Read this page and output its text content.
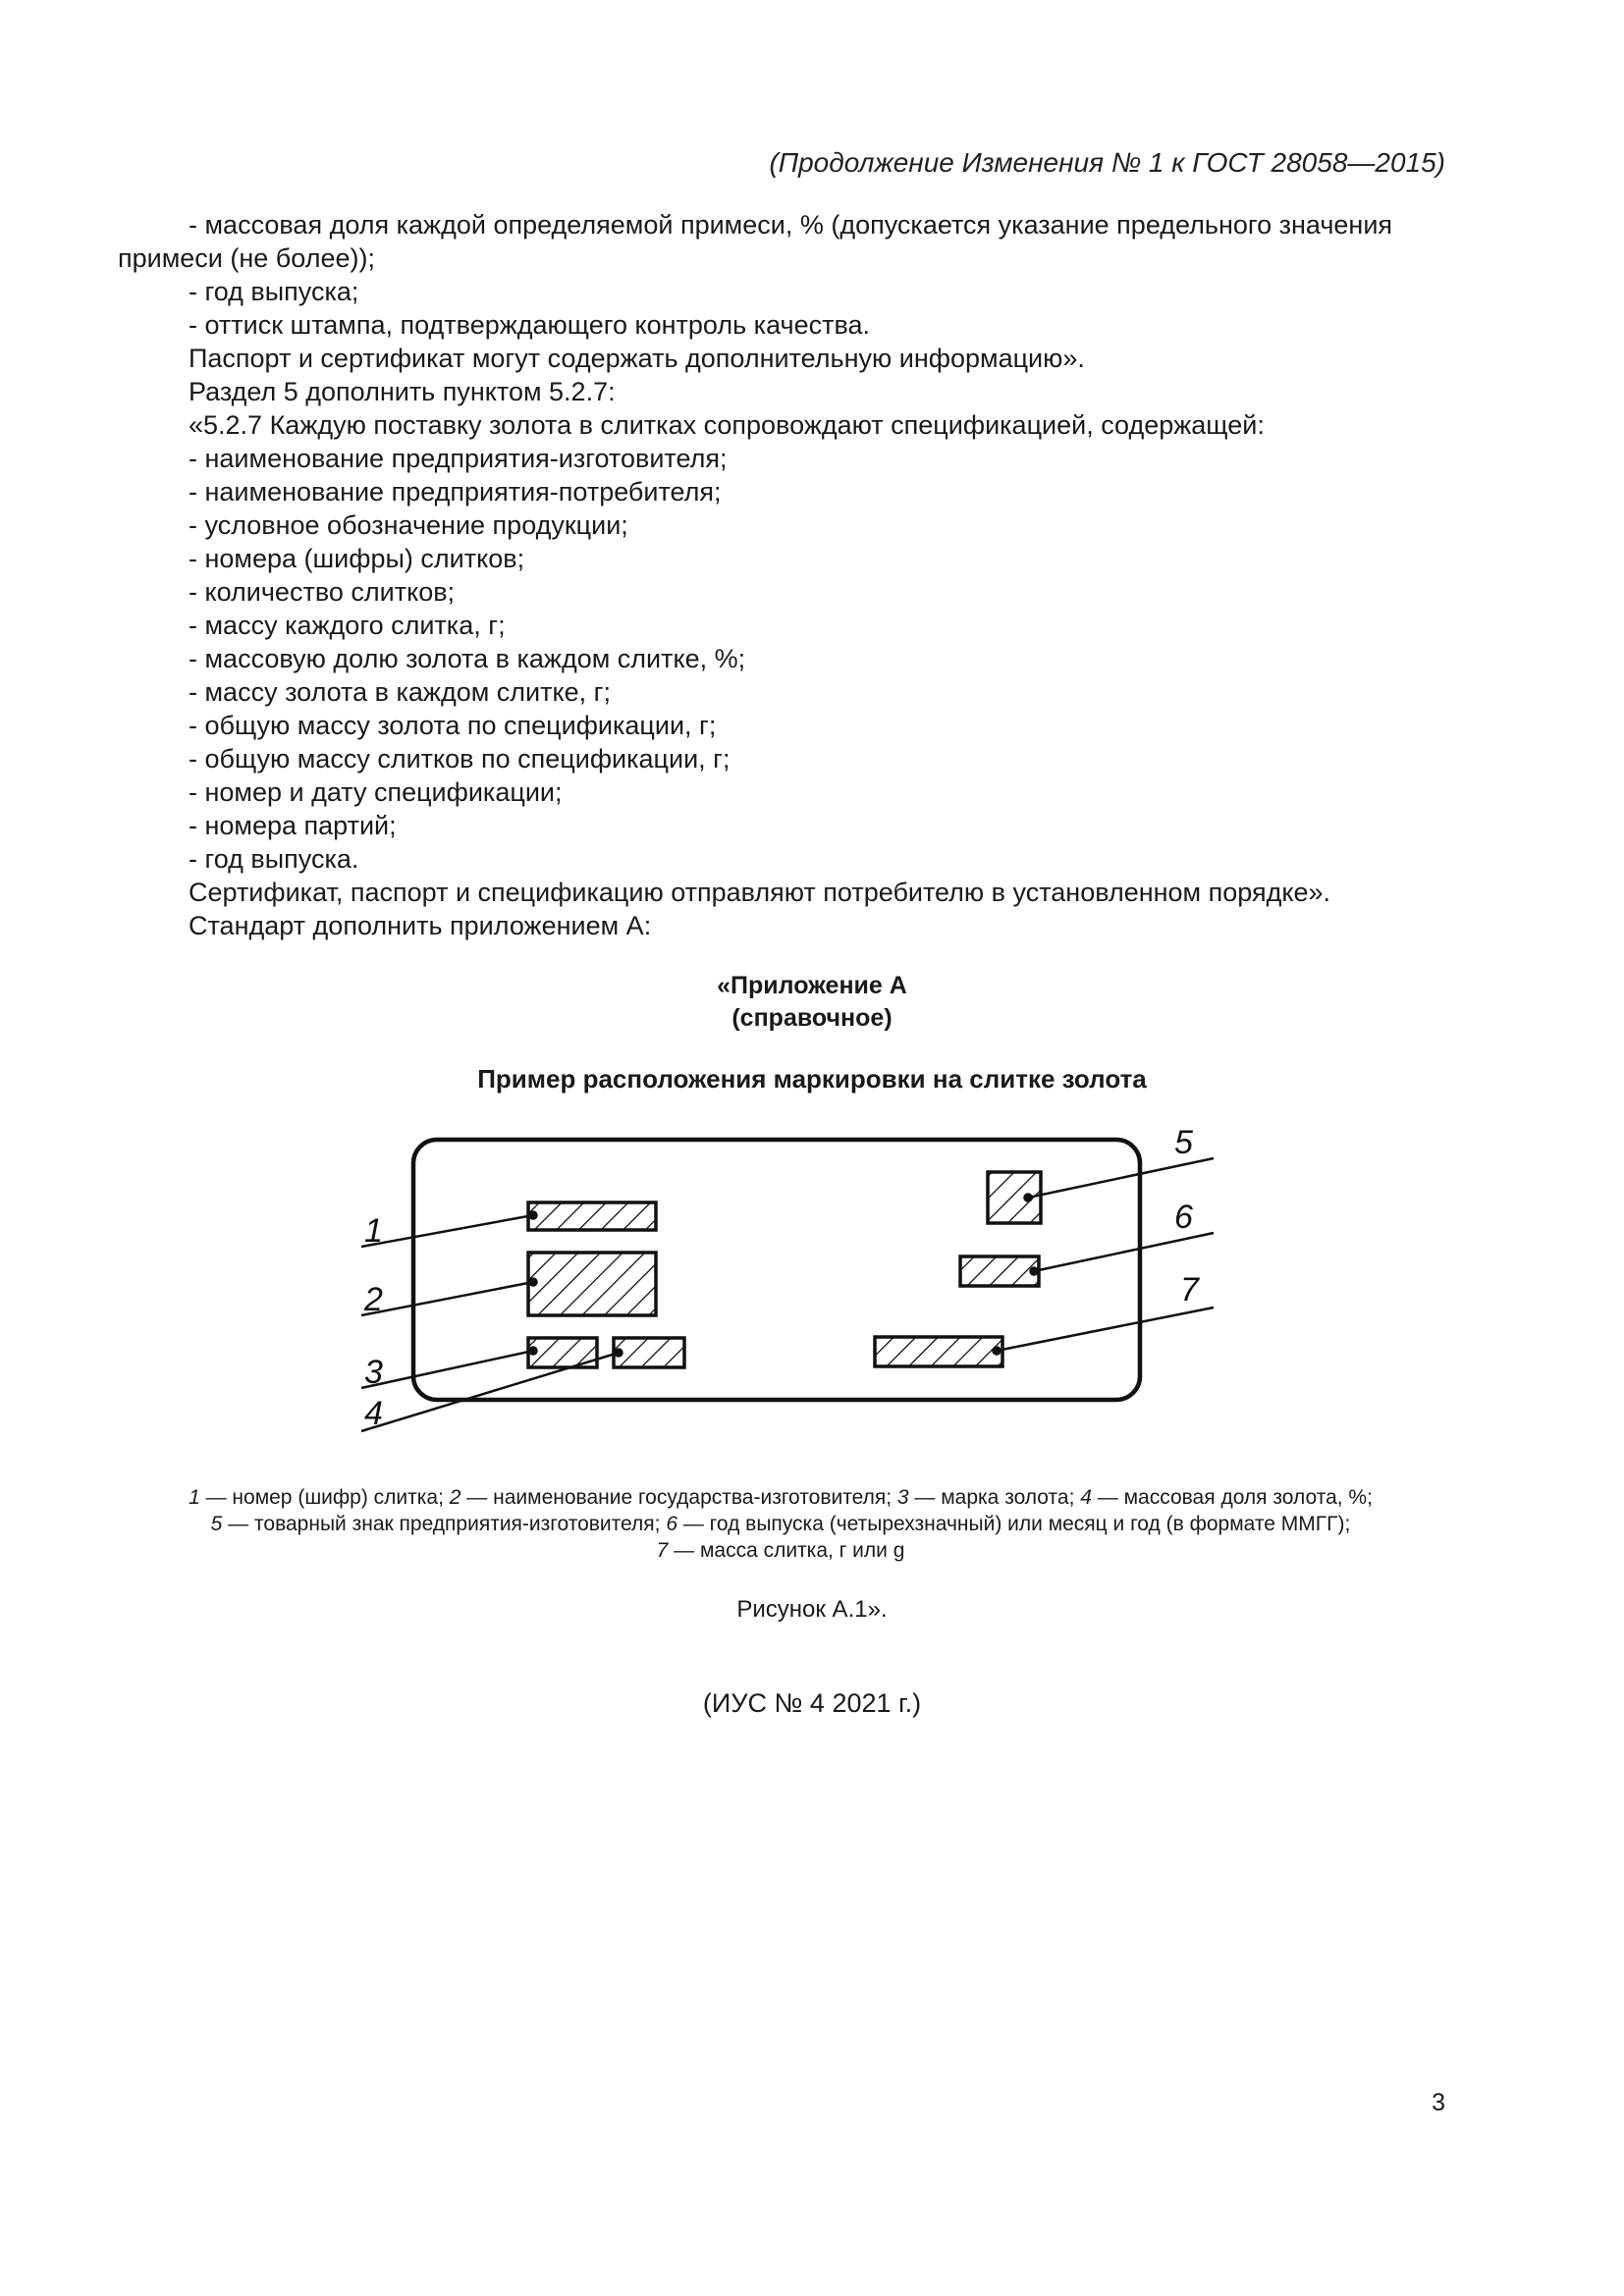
(Продолжение Изменения № 1 к ГОСТ 28058—2015)

- массовая доля каждой определяемой примеси, % (допускается указание предельного значения примеси (не более));

- год выпуска;

- оттиск штампа, подтверждающего контроль качества.

Паспорт и сертификат могут содержать дополнительную информацию».

Раздел 5 дополнить пунктом 5.2.7:

«5.2.7 Каждую поставку золота в слитках сопровождают спецификацией, содержащей:

- наименование предприятия-изготовителя;

- наименование предприятия-потребителя;

- условное обозначение продукции;

- номера (шифры) слитков;

- количество слитков;

- массу каждого слитка, г;

- массовую долю золота в каждом слитке, %;

- массу золота в каждом слитке, г;

- общую массу золота по спецификации, г;

- общую массу слитков по спецификации, г;

- номер и дату спецификации;

- номера партий;

- год выпуска.

Сертификат, паспорт и спецификацию отправляют потребителю в установленном порядке».

Стандарт дополнить приложением А:

«Приложение А
(справочное)
Пример расположения маркировки на слитке золота
1
2
3
4
5
6
7
1 — номер (шифр) слитка; 2 — наименование государства-изготовителя; 3 — марка золота; 4 — массовая доля золота, %;
5 — товарный знак предприятия-изготовителя; 6 — год выпуска (четырехзначный) или месяц и год (в формате ММГГ);
7 — масса слитка, г или g
Рисунок А.1».
(ИУС № 4 2021 г.)
3
